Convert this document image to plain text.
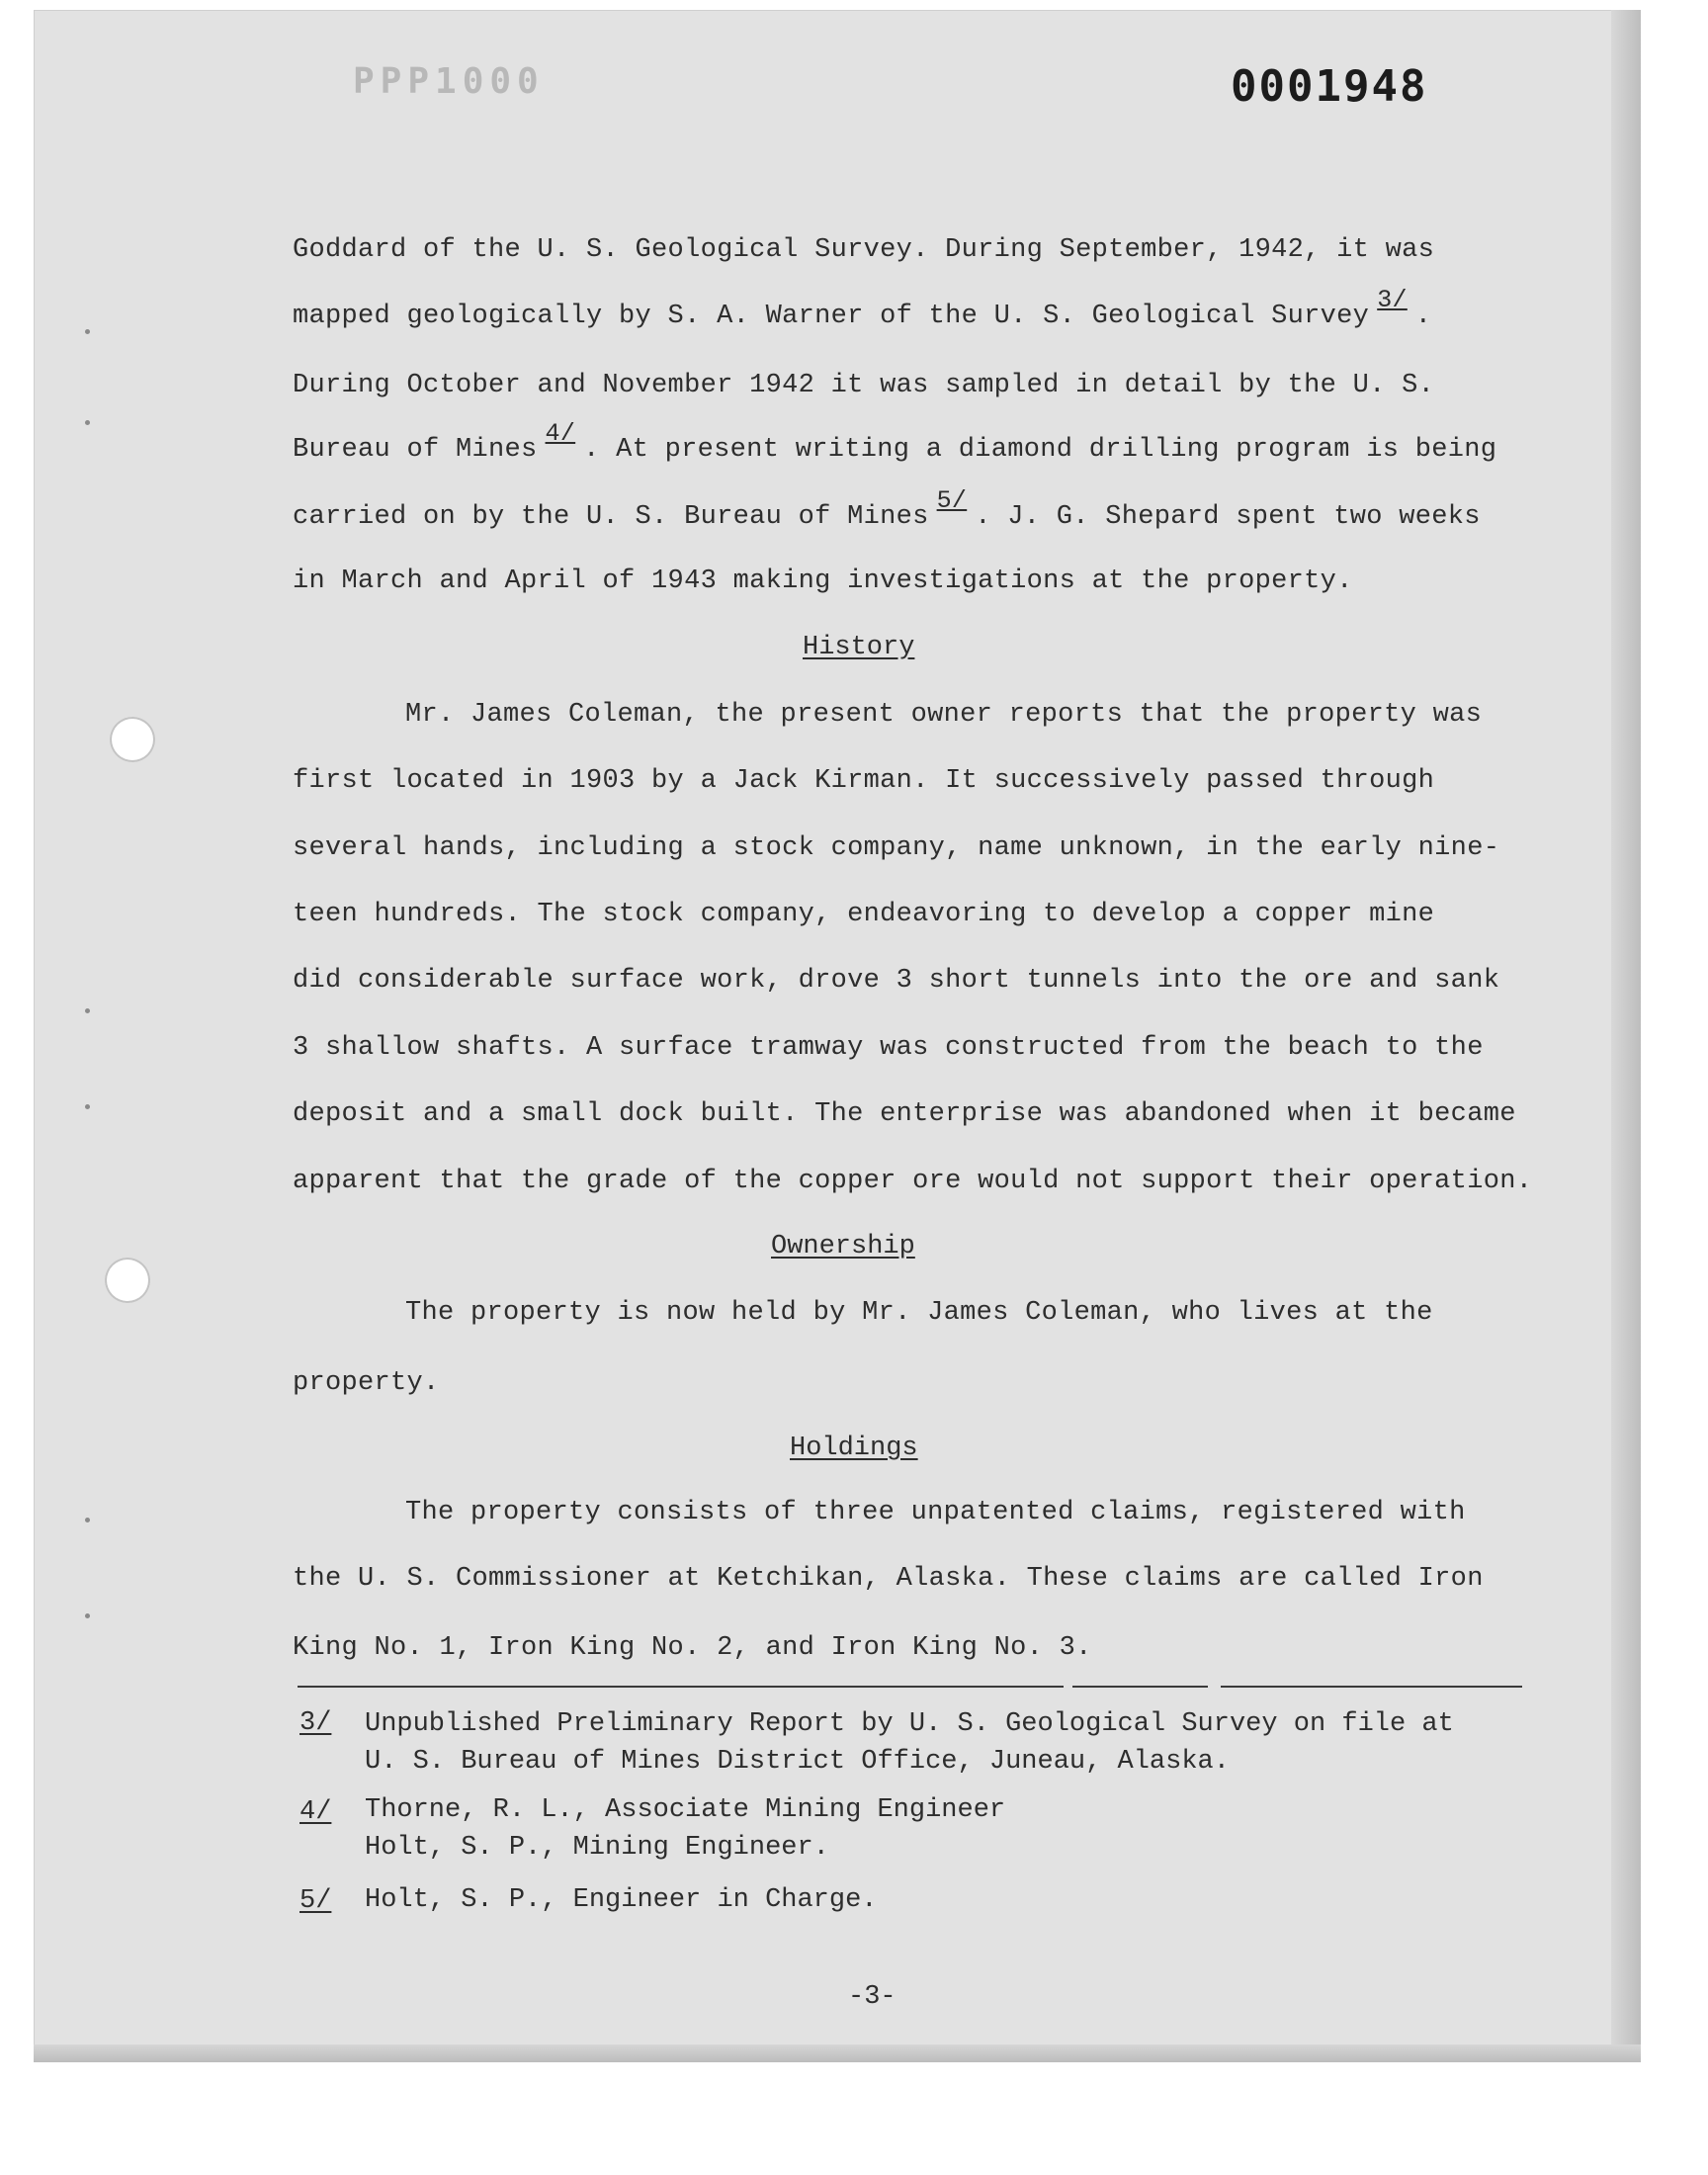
PPP1000	0001948
Goddard of the U. S. Geological Survey. During September, 1942, it was
mapped geologically by S. A. Warner of the U. S. Geological Survey3/.
During October and November 1942 it was sampled in detail by the U. S.
Bureau of Mines4/. At present writing a diamond drilling program is being
carried on by the U. S. Bureau of Mines5/. J. G. Shepard spent two weeks
in March and April of 1943 making investigations at the property.
History
Mr. James Coleman, the present owner reports that the property was
first located in 1903 by a Jack Kirman. It successively passed through
several hands, including a stock company, name unknown, in the early nine-
teen hundreds. The stock company, endeavoring to develop a copper mine
did considerable surface work, drove 3 short tunnels into the ore and sank
3 shallow shafts. A surface tramway was constructed from the beach to the
deposit and a small dock built. The enterprise was abandoned when it became
apparent that the grade of the copper ore would not support their operation.
Ownership
The property is now held by Mr. James Coleman, who lives at the
property.
Holdings
The property consists of three unpatented claims, registered with
the U. S. Commissioner at Ketchikan, Alaska. These claims are called Iron
King No. 1, Iron King No. 2, and Iron King No. 3.
3/ Unpublished Preliminary Report by U. S. Geological Survey on file at
U. S. Bureau of Mines District Office, Juneau, Alaska.
4/ Thorne, R. L., Associate Mining Engineer
Holt, S. P., Mining Engineer.
5/ Holt, S. P., Engineer in Charge.
-3-
